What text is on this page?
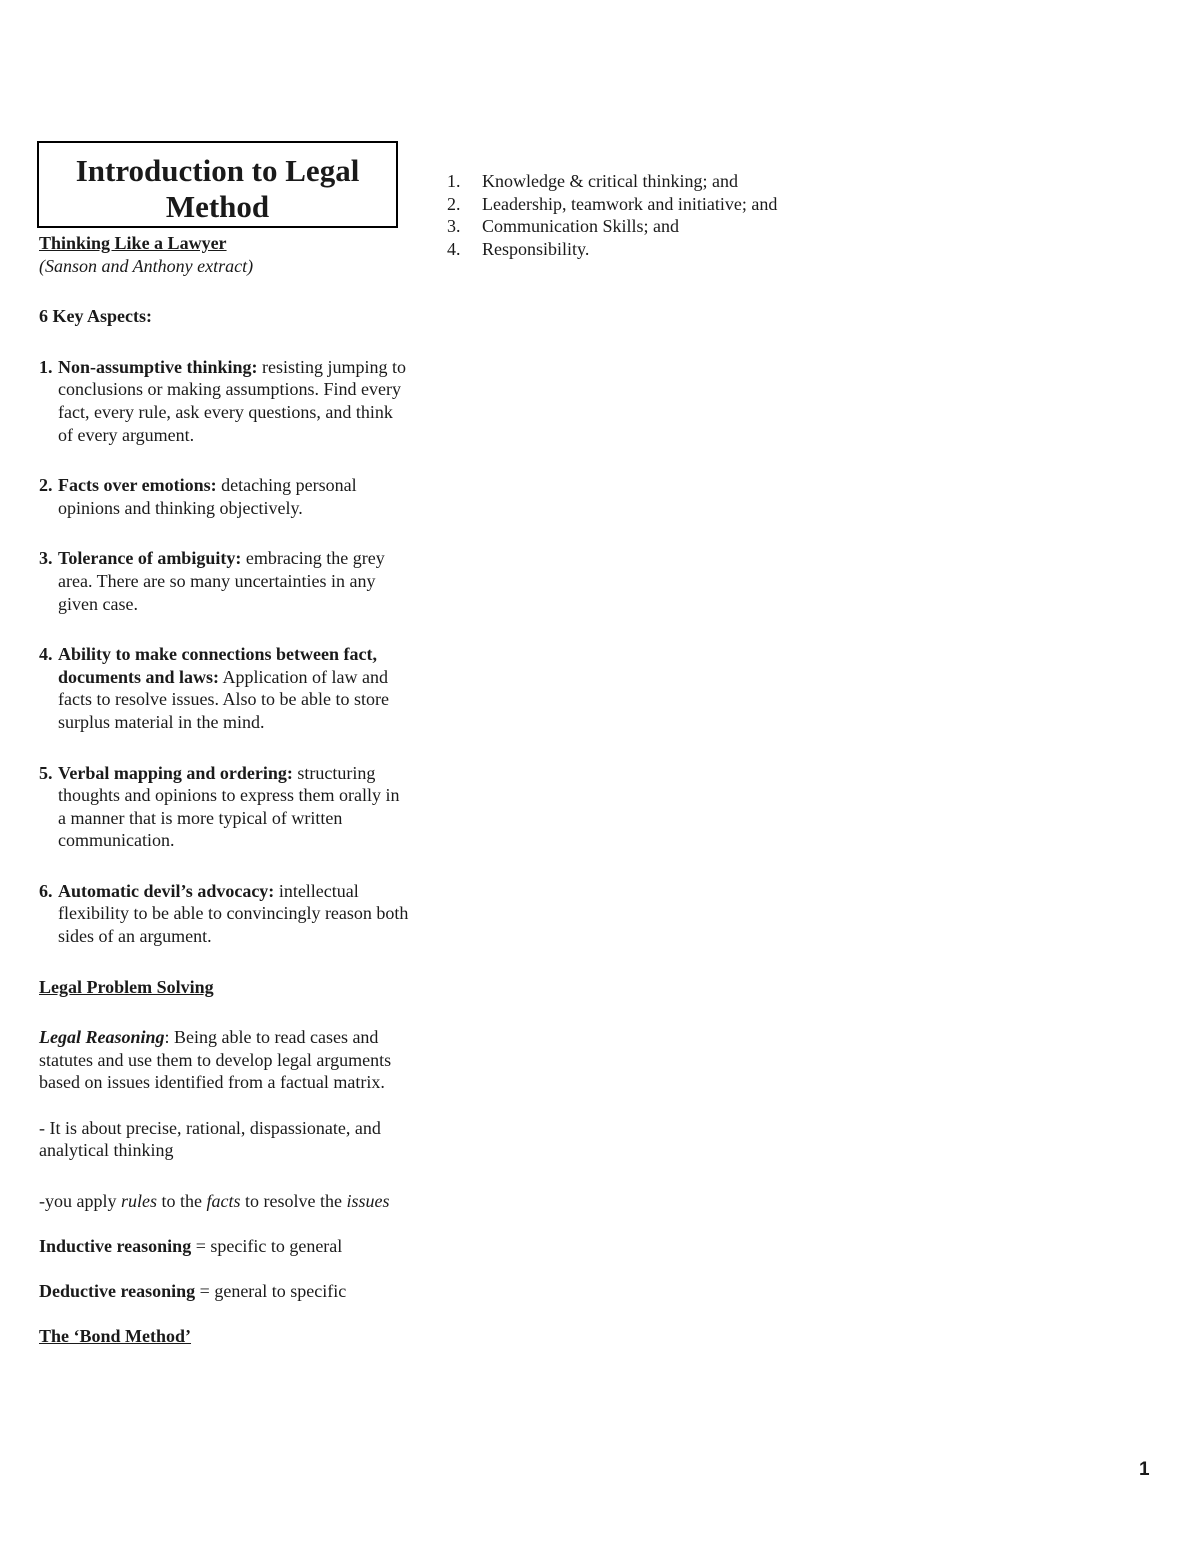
Introduction to Legal Method
Thinking Like a Lawyer
(Sanson and Anthony extract)
6 Key Aspects:
1. Non-assumptive thinking: resisting jumping to conclusions or making assumptions. Find every fact, every rule, ask every questions, and think of every argument.
2. Facts over emotions: detaching personal opinions and thinking objectively.
3. Tolerance of ambiguity: embracing the grey area. There are so many uncertainties in any given case.
4. Ability to make connections between fact, documents and laws: Application of law and facts to resolve issues. Also to be able to store surplus material in the mind.
5. Verbal mapping and ordering: structuring thoughts and opinions to express them orally in a manner that is more typical of written communication.
6. Automatic devil’s advocacy: intellectual flexibility to be able to convincingly reason both sides of an argument.
Legal Problem Solving
Legal Reasoning: Being able to read cases and statutes and use them to develop legal arguments based on issues identified from a factual matrix.
- It is about precise, rational, dispassionate, and analytical thinking
-you apply rules to the facts to resolve the issues
Inductive reasoning = specific to general
Deductive reasoning = general to specific
The ‘Bond Method’
1. Knowledge & critical thinking; and
2. Leadership, teamwork and initiative; and
3. Communication Skills; and
4. Responsibility.
1
